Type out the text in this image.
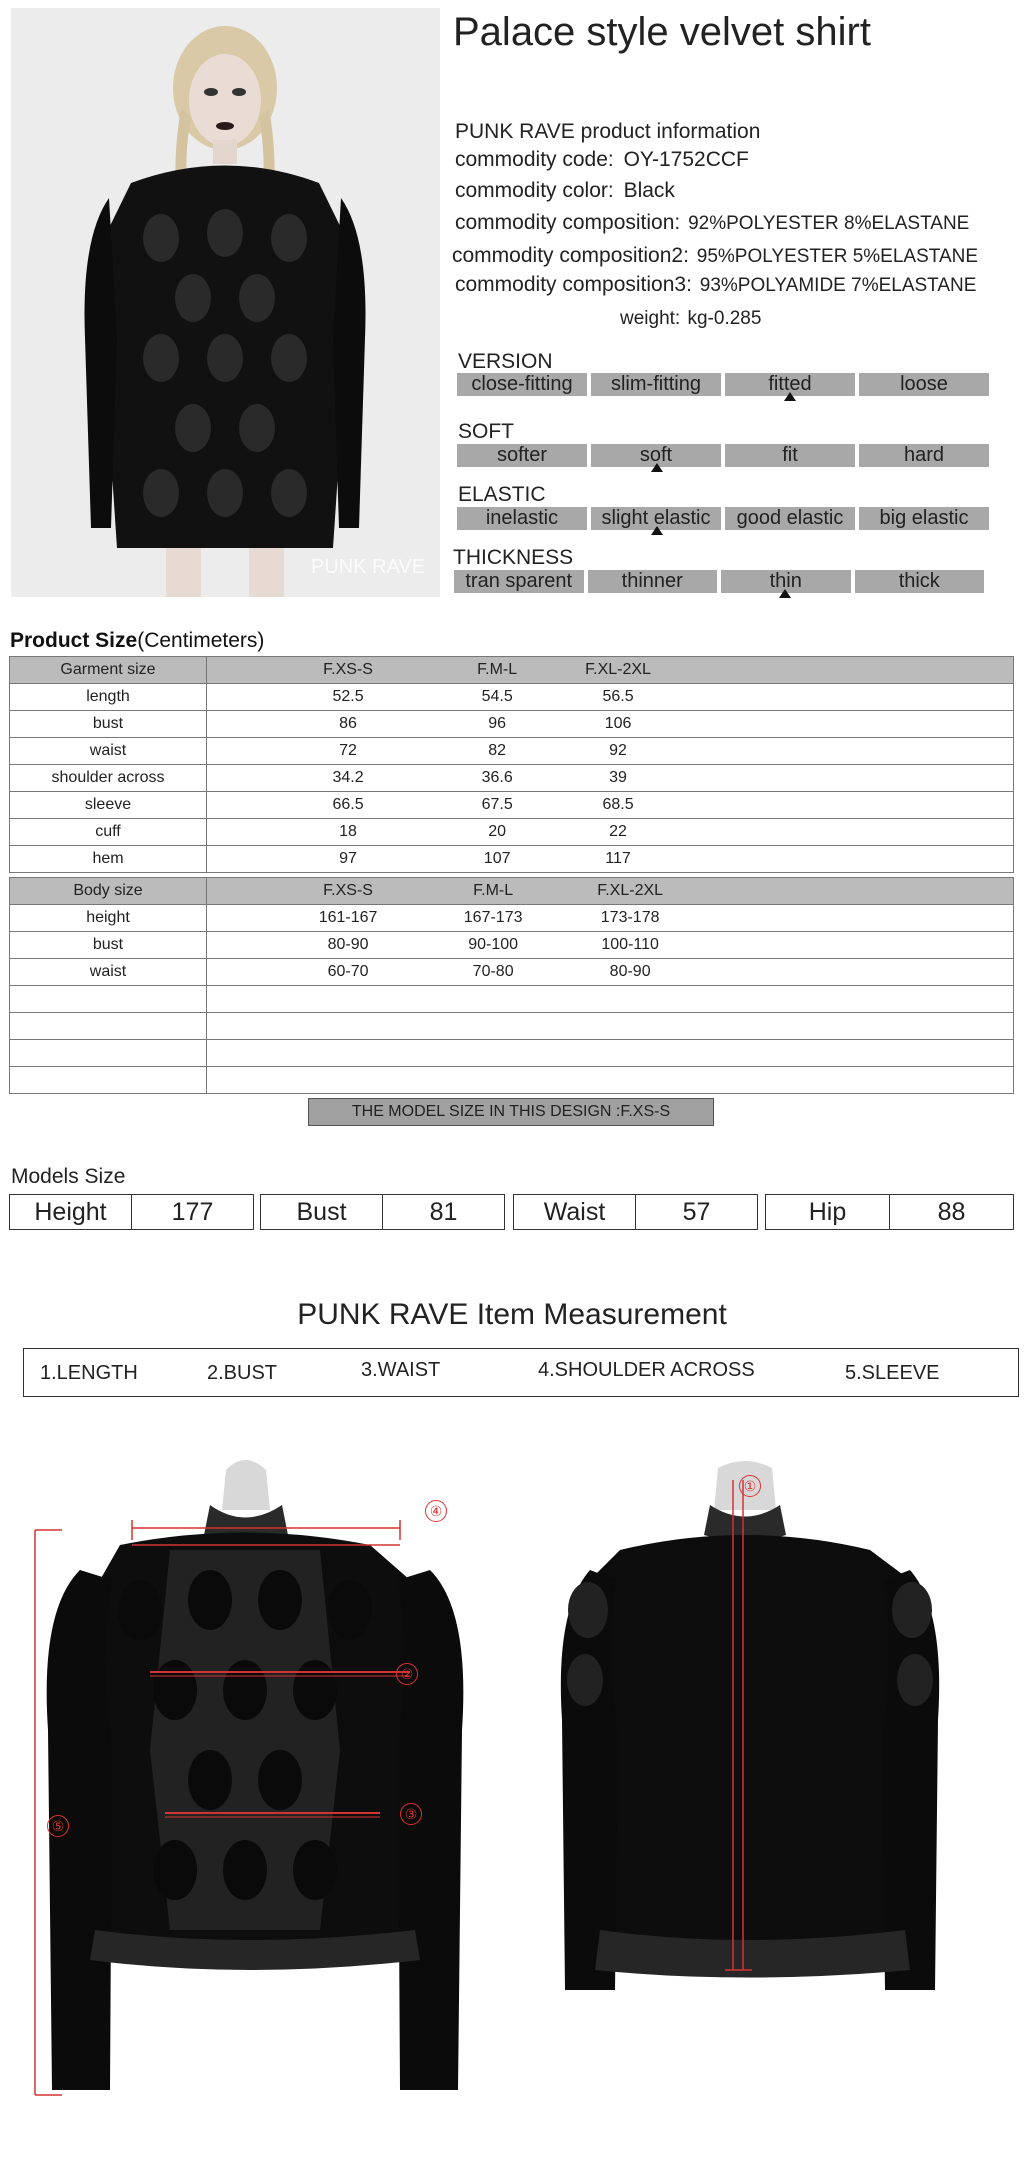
PUNK RAVE
Palace style velvet shirt
PUNK RAVE product information
commodity code: OY-1752CCF
commodity color: Black
commodity composition: 92%POLYESTER 8%ELASTANE
commodity composition2: 95%POLYESTER 5%ELASTANE
commodity composition3: 93%POLYAMIDE 7%ELASTANE
weight: kg-0.285
VERSION
close-fitting	slim-fitting	fitted	loose
SOFT
softer	soft	fit	hard
ELASTIC
inelastic	slight elastic	good elastic	big elastic
THICKNESS
tran sparent	thinner	thin	thick
Product Size(Centimeters)
Garment size	F.XS-S F.M-L F.XL-2XL

length	52.5 54.5 56.5

bust	86 96 106

waist	72 82 92

shoulder across	34.2 36.6 39

sleeve	66.5 67.5 68.5

cuff	18 20 22

hem	97 107 117
Body size	F.XS-S F.M-L F.XL-2XL

height	161-167 167-173 173-178

bust	80-90 90-100 100-110

waist	60-70 70-80 80-90

THE MODEL SIZE IN THIS DESIGN :F.XS-S
Models Size
Height	177	Bust	81	Waist	57	Hip	88
PUNK RAVE Item Measurement
1.LENGTH	2.BUST	3.WAIST	4.SHOULDER ACROSS	5.SLEEVE
④
②
③
⑤
①
